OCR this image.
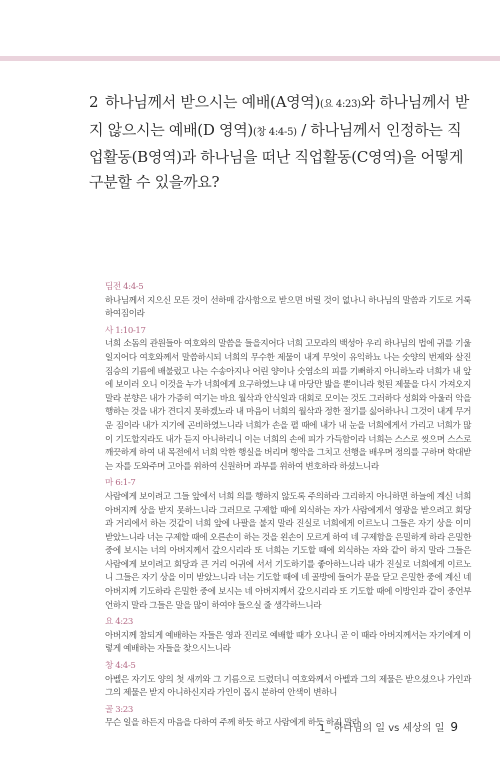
2 하나님께서 받으시는 예배(A영역)(요 4:23)와 하나님께서 받지 않으시는 예배(D 영역)(창 4:4-5) / 하나님께서 인정하는 직업활동(B영역)과 하나님을 떠난 직업활동(C영역)을 어떻게 구분할 수 있을까요?
딤전 4:4-5
하나님께서 지으신 모든 것이 선하매 감사함으로 받으면 버릴 것이 없나니 하나님의 말씀과 기도로 거룩하여짐이라
사 1:10-17
너희 소돔의 관원들아 여호와의 말씀을 들을지어다 너희 고모라의 백성아 우리 하나님의 법에 귀를 기울일지어다 여호와께서 말씀하시되 너희의 무수한 제물이 내게 무엇이 유익하뇨 나는 숫양의 번제와 살진 짐승의 기름에 배불렀고 나는 수송아지나 어린 양이나 숫염소의 피를 기뻐하지 아니하노라 너희가 내 앞에 보이러 오니 이것을 누가 너희에게 요구하였느냐 내 마당만 밟을 뿐이니라 헛된 제물을 다시 가져오지 말라 분향은 내가 가증히 여기는 바요 월삭과 안식일과 대회로 모이는 것도 그러하다 성회와 아울러 악을 행하는 것을 내가 견디지 못하겠노라 내 마음이 너희의 월삭과 정한 절기를 싫어하나니 그것이 내게 무거운 짐이라 내가 지기에 곤비하였느니라 너희가 손을 펼 때에 내가 내 눈을 너희에게서 가리고 너희가 많이 기도할지라도 내가 듣지 아니하리니 이는 너희의 손에 피가 가득함이라 너희는 스스로 씻으며 스스로 깨끗하게 하여 내 목전에서 너희 악한 행실을 버리며 행악을 그치고 선행을 배우며 정의를 구하며 학대받는 자를 도와주며 고아를 위하여 신원하며 과부를 위하여 변호하라 하셨느니라
마 6:1-7
사람에게 보이려고 그들 앞에서 너희 의를 행하지 않도록 주의하라 그리하지 아니하면 하늘에 계신 너희 아버지께 상을 받지 못하느니라 그러므로 구제할 때에 외식하는 자가 사람에게서 영광을 받으려고 회당과 거리에서 하는 것같이 너희 앞에 나팔을 불지 말라 진실로 너희에게 이르노니 그들은 자기 상을 이미 받았느니라 너는 구제할 때에 오른손이 하는 것을 왼손이 모르게 하여 네 구제함을 은밀하게 하라 은밀한 중에 보시는 너의 아버지께서 갚으시리라 또 너희는 기도할 때에 외식하는 자와 같이 하지 말라 그들은 사람에게 보이려고 회당과 큰 거리 어귀에 서서 기도하기를 좋아하느니라 내가 진실로 너희에게 이르노니 그들은 자기 상을 이미 받았느니라 너는 기도할 때에 네 골방에 들어가 문을 닫고 은밀한 중에 계신 네 아버지께 기도하라 은밀한 중에 보시는 네 아버지께서 갚으시리라 또 기도할 때에 이방인과 같이 중언부언하지 말라 그들은 말을 많이 하여야 들으실 줄 생각하느니라
요 4:23
아버지께 참되게 예배하는 자들은 영과 진리로 예배할 때가 오나니 곧 이 때라 아버지께서는 자기에게 이렇게 예배하는 자들을 찾으시느니라
창 4:4-5
아벨은 자기도 양의 첫 새끼와 그 기름으로 드렸더니 여호와께서 아벨과 그의 제물은 받으셨으나 가인과 그의 제물은 받지 아니하신지라 가인이 몹시 분하여 안색이 변하니
골 3:23
무슨 일을 하든지 마음을 다하여 주께 하듯 하고 사람에게 하듯 하지 말라
1_ 하나님의 일 vs 세상의 일 9
